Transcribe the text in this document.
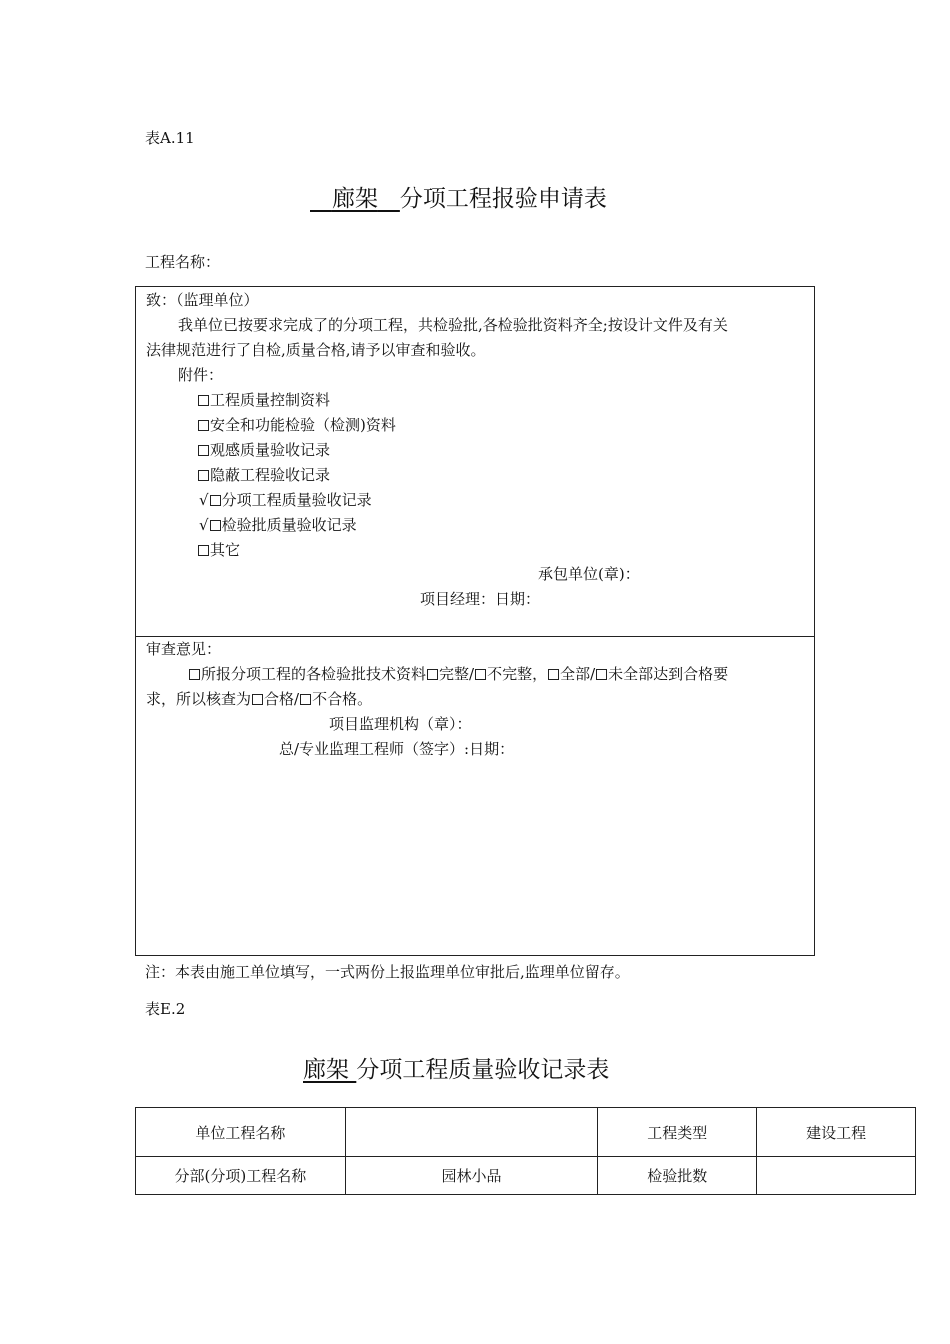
表A.11
廊架 分项工程报验申请表
工程名称：
致：（监理单位）
我单位已按要求完成了的分项工程，共检验批,各检验批资料齐全;按设计文件及有关
法律规范进行了自检,质量合格,请予以审查和验收。
附件：
工程质量控制资料
安全和功能检验（检测)资料
观感质量验收记录
隐蔽工程验收记录
√ 分项工程质量验收记录
√ 检验批质量验收记录
其它
承包单位(章)：
项目经理：日期：
审查意见：
所报分项工程的各检验批技术资料 完整/ 不完整， 全部/ 未全部达到合格要
求，所以核查为 合格/ 不合格。
项目监理机构（章）：
总/专业监理工程师（签字）:日期：
注：本表由施工单位填写，一式两份上报监理单位审批后,监理单位留存。
表E.2
廊架 分项工程质量验收记录表
单位工程名称		工程类型	建设工程
分部(分项)工程名称	园林小品	检验批数	
